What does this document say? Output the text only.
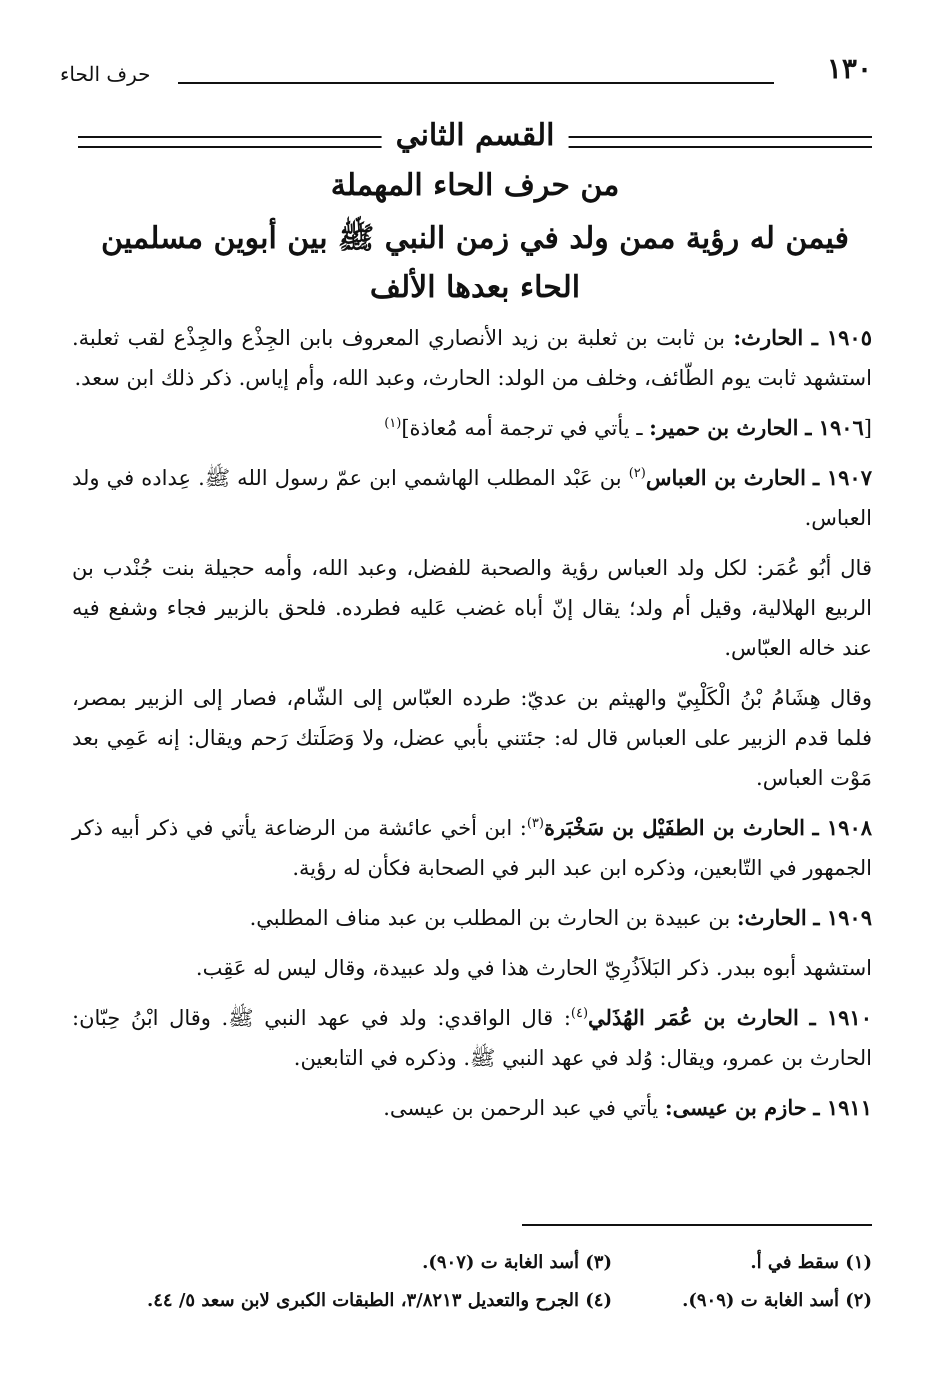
١٣٠
حرف الحاء
القسم الثاني
من حرف الحاء المهملة
فيمن له رؤية ممن ولد في زمن النبي ﷺ بين أبوين مسلمين
الحاء بعدها الألف

١٩٠٥ ـ الحارث: بن ثابت بن ثعلبة بن زيد الأنصاري المعروف بابن الجِذْع والجِذْع لقب ثعلبة. استشهد ثابت يوم الطّائف، وخلف من الولد: الحارث، وعبد الله، وأم إياس. ذكر ذلك ابن سعد.

[١٩٠٦ ـ الحارث بن حمير: ـ يأتي في ترجمة أمه مُعاذة]$^{(١)}$

١٩٠٧ ـ الحارث بن العباس$^{(٢)}$ بن عَبْد المطلب الهاشمي ابن عمّ رسول الله ﷺ. عِداده في ولد العباس.

قال أبُو عُمَر: لكل ولد العباس رؤية والصحبة للفضل، وعبد الله، وأمه حجيلة بنت جُنْدب بن الربيع الهلالية، وقيل أم ولد؛ يقال إنّ أباه غضب عَليه فطرده. فلحق بالزبير فجاء وشفع فيه عند خاله العبّاس.

وقال هِشَامُ بْنُ الْكَلْبِيّ والهيثم بن عديّ: طرده العبّاس إلى الشّام، فصار إلى الزبير بمصر، فلما قدم الزبير على العباس قال له: جئتني بأبي عضل، ولا وَصَلَتك رَحم ويقال: إنه عَمِي بعد مَوْت العباس.

١٩٠٨ ـ الحارث بن الطفَيْل بن سَخْبَرة$^{(٣)}$: ابن أخي عائشة من الرضاعة يأتي في ذكر أبيه ذكر الجمهور في التّابعين، وذكره ابن عبد البر في الصحابة فكأن له رؤية.

١٩٠٩ ـ الحارث: بن عبيدة بن الحارث بن المطلب بن عبد مناف المطلبي.

استشهد أبوه ببدر. ذكر البَلاَذُرِيّ الحارث هذا في ولد عبيدة، وقال ليس له عَقِب.

١٩١٠ ـ الحارث بن عُمَر الهُذَلي$^{(٤)}$: قال الواقدي: ولد في عهد النبي ﷺ. وقال ابْنُ حِبّان: الحارث بن عمرو، ويقال: وُلد في عهد النبي ﷺ. وذكره في التابعين.

١٩١١ ـ حازم بن عيسى: يأتي في عبد الرحمن بن عيسى.

(١) سقط في أ.
(٣) أسد الغابة ت (٩٠٧).
(٢) أسد الغابة ت (٩٠٩).
(٤) الجرح والتعديل ٣/٨٢١٣، الطبقات الكبرى لابن سعد ٥/ ٤٤.
